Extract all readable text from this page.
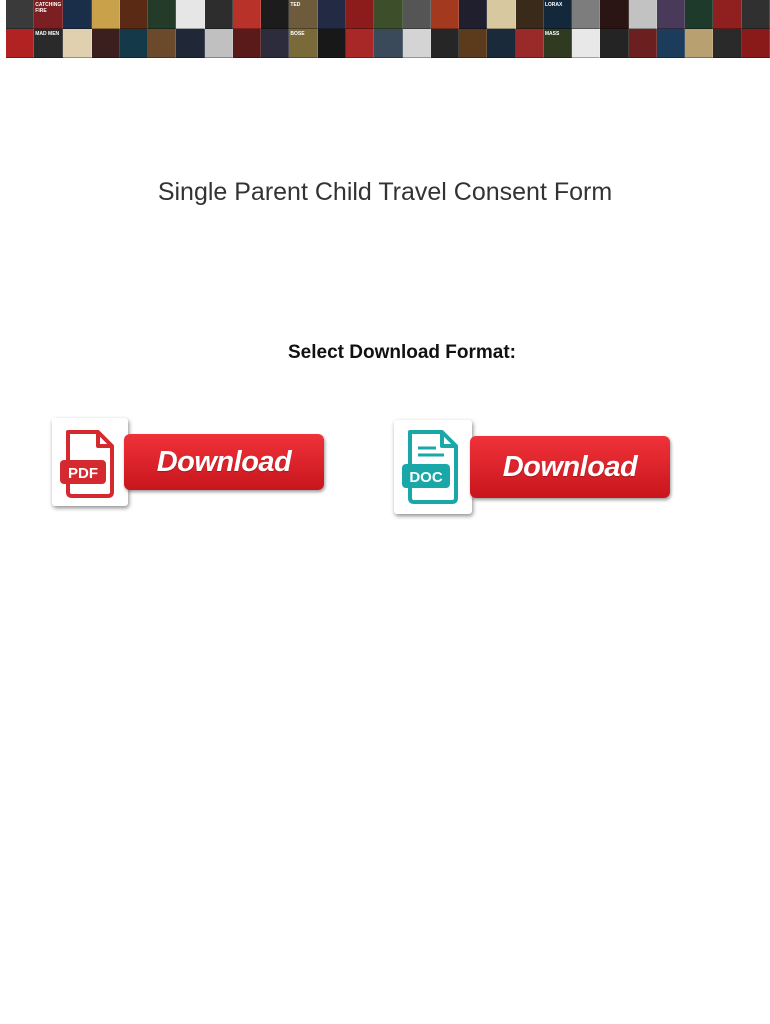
CATCHING FIRE
TED	LORAX
MAD MEN	BOSE	MASS
Single Parent Child Travel Consent Form
Select Download Format:
PDF Download	DOC Download
